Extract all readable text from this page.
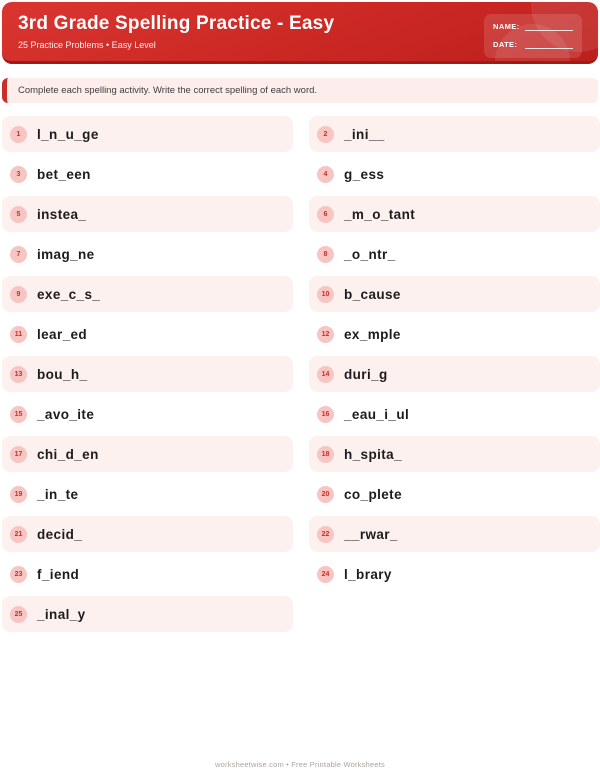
3rd Grade Spelling Practice - Easy
25 Practice Problems • Easy Level
NAME:
DATE:
Complete each spelling activity. Write the correct spelling of each word.
1	l_n_u_ge
3	bet_een
5	instea_
7	imag_ne
9	exe_c_s_
11	lear_ed
13	bou_h_
15	_avo_ite
17	chi_d_en
19	_in_te
21	decid_
23	f_iend
25	_inal_y
2	_ini__
4	g_ess
6	_m_o_tant
8	_o_ntr_
10	b_cause
12	ex_mple
14	duri_g
16	_eau_i_ul
18	h_spita_
20	co_plete
22	__rwar_
24	l_brary
worksheetwise.com • Free Printable Worksheets
